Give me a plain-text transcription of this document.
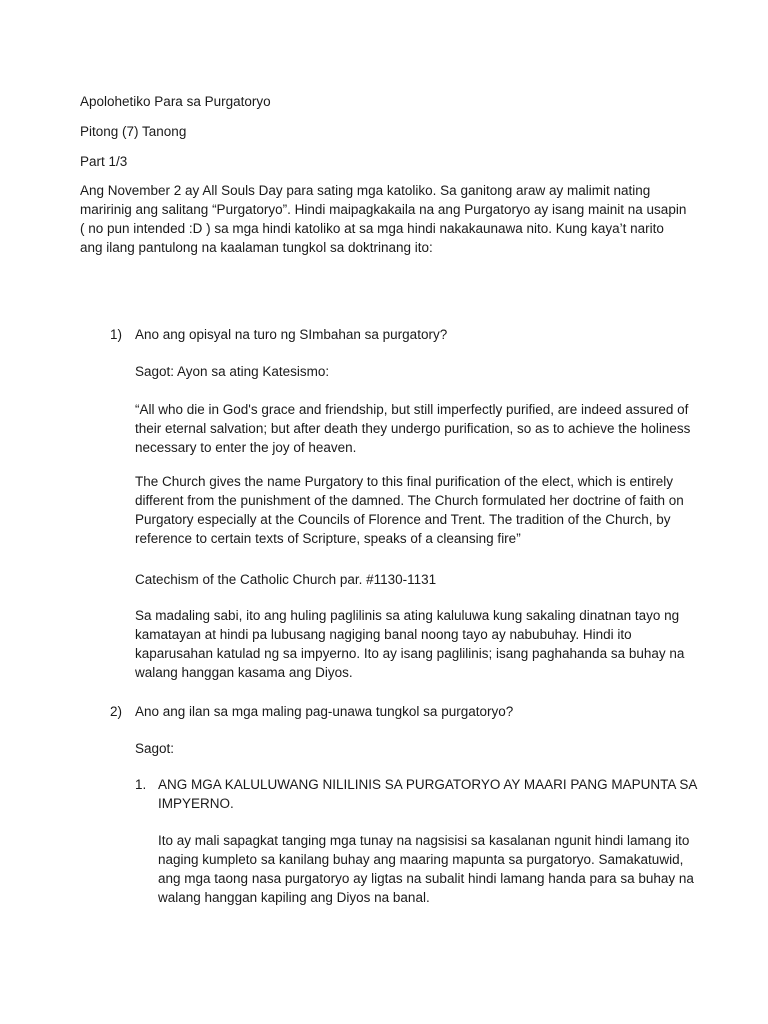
Apolohetiko Para sa Purgatoryo

Pitong (7) Tanong

Part 1/3

Ang November 2 ay All Souls Day para sating mga katoliko. Sa ganitong araw ay malimit nating maririnig ang salitang “Purgatoryo”. Hindi maipagkakaila na ang Purgatoryo ay isang mainit na usapin ( no pun intended :D ) sa mga hindi katoliko at sa mga hindi nakakaunawa nito. Kung kaya’t narito ang ilang pantulong na kaalaman tungkol sa doktrinang ito:

1) Ano ang opisyal na turo ng SImbahan sa purgatory?

Sagot: Ayon sa ating Katesismo:

“All who die in God's grace and friendship, but still imperfectly purified, are indeed assured of their eternal salvation; but after death they undergo purification, so as to achieve the holiness necessary to enter the joy of heaven.

The Church gives the name Purgatory to this final purification of the elect, which is entirely different from the punishment of the damned. The Church formulated her doctrine of faith on Purgatory especially at the Councils of Florence and Trent. The tradition of the Church, by reference to certain texts of Scripture, speaks of a cleansing fire”

Catechism of the Catholic Church par. #1130-1131

Sa madaling sabi, ito ang huling paglilinis sa ating kaluluwa kung sakaling dinatnan tayo ng kamatayan at hindi pa lubusang nagiging banal noong tayo ay nabubuhay. Hindi ito kaparusahan katulad ng sa impyerno. Ito ay isang paglilinis; isang paghahanda sa buhay na walang hanggan kasama ang Diyos.

2) Ano ang ilan sa mga maling pag-unawa tungkol sa purgatoryo?

Sagot:

1. ANG MGA KALULUWANG NILILINIS SA PURGATORYO AY MAARI PANG MAPUNTA SA IMPYERNO.

Ito ay mali sapagkat tanging mga tunay na nagsisisi sa kasalanan ngunit hindi lamang ito naging kumpleto sa kanilang buhay ang maaring mapunta sa purgatoryo. Samakatuwid, ang mga taong nasa purgatoryo ay ligtas na subalit hindi lamang handa para sa buhay na walang hanggan kapiling ang Diyos na banal.
